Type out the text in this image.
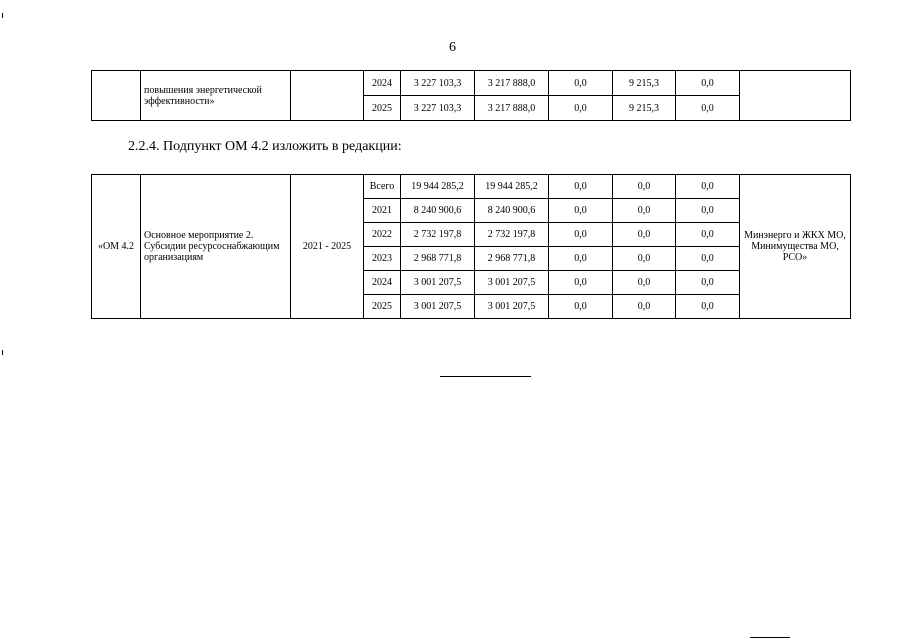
6
	повышения энергетической эффективности»		2024	3 227 103,3	3 217 888,0	0,0	9 215,3	0,0	
			2025	3 227 103,3	3 217 888,0	0,0	9 215,3	0,0	
2.2.4. Подпункт ОМ 4.2 изложить в редакции:
«ОМ 4.2	Основное мероприятие 2. Субсидии ресурсоснабжающим организациям	2021 - 2025	Всего	19 944 285,2	19 944 285,2	0,0	0,0	0,0	Минэнерго и ЖКХ МО, Минимущества МО, РСО»
			2021	8 240 900,6	8 240 900,6	0,0	0,0	0,0	
			2022	2 732 197,8	2 732 197,8	0,0	0,0	0,0	
			2023	2 968 771,8	2 968 771,8	0,0	0,0	0,0	
			2024	3 001 207,5	3 001 207,5	0,0	0,0	0,0	
			2025	3 001 207,5	3 001 207,5	0,0	0,0	0,0	
